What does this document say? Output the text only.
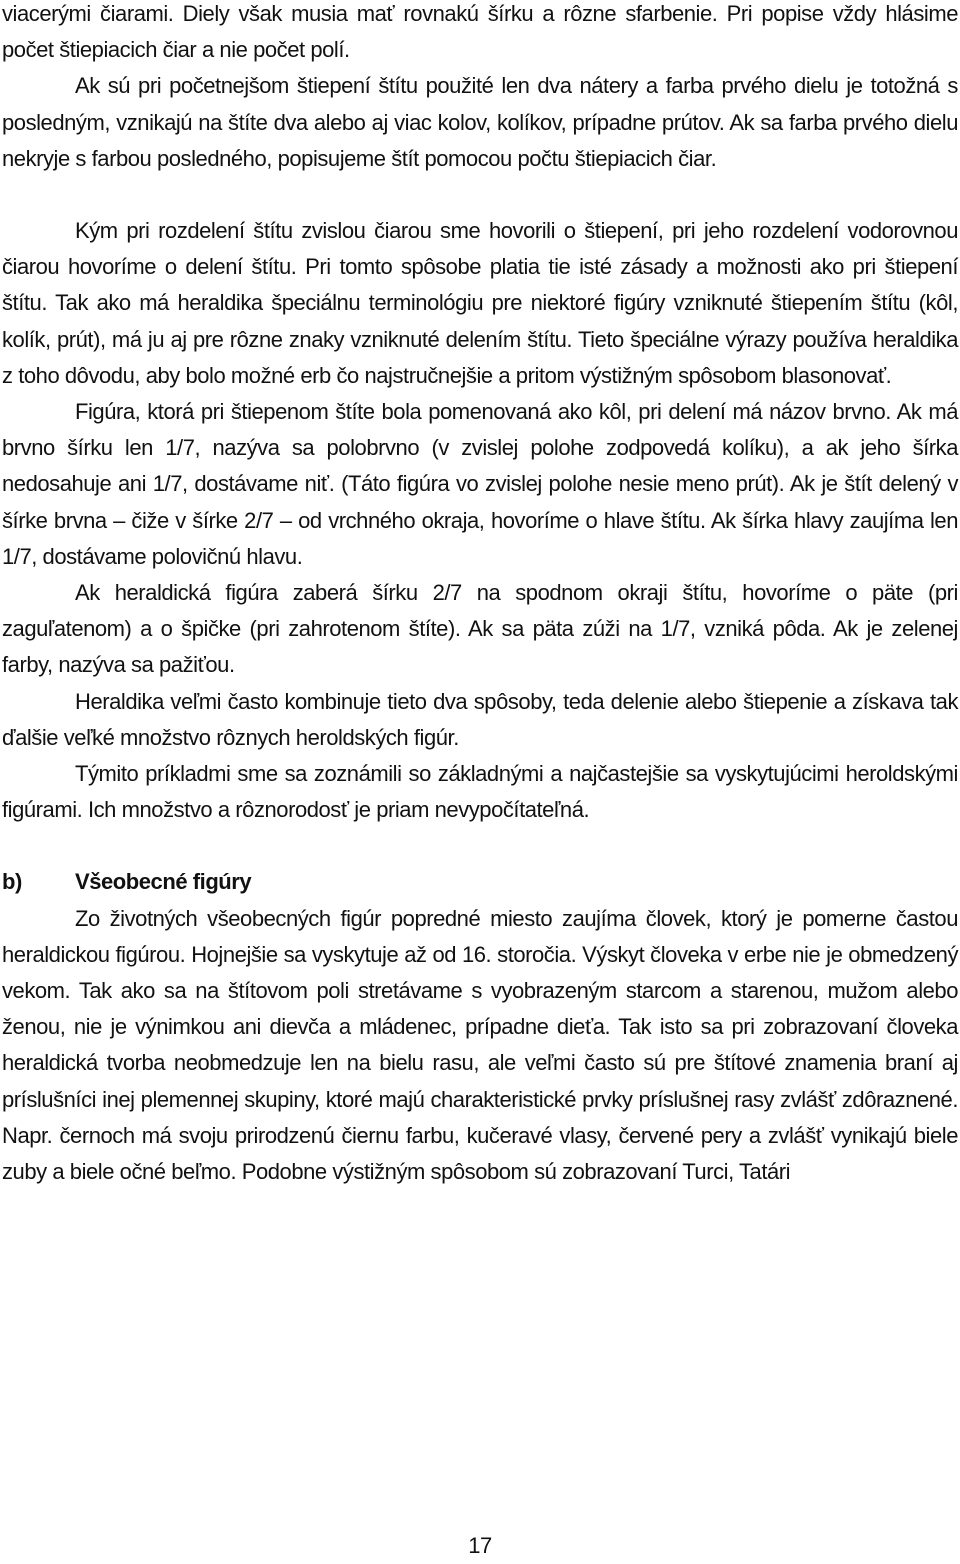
viacerými čiarami. Diely však musia mať rovnakú šírku a rôzne sfarbenie. Pri popise vždy hlásime počet štiepiacich čiar a nie počet polí.

Ak sú pri početnejšom štiepení štítu použité len dva nátery a farba prvého dielu je totožná s posledným, vznikajú na štíte dva alebo aj viac kolov, kolíkov, prípadne prútov. Ak sa farba prvého dielu nekryje s farbou posledného, popisujeme štít pomocou počtu štiepiacich čiar.

Kým pri rozdelení štítu zvislou čiarou sme hovorili o štiepení, pri jeho rozdelení vodorovnou čiarou hovoríme o delení štítu. Pri tomto spôsobe platia tie isté zásady a možnosti ako pri štiepení štítu. Tak ako má heraldika špeciálnu terminológiu pre niektoré figúry vzniknuté štiepením štítu (kôl, kolík, prút), má ju aj pre rôzne znaky vzniknuté delením štítu. Tieto špeciálne výrazy používa heraldika z toho dôvodu, aby bolo možné erb čo najstručnejšie a pritom výstižným spôsobom blasonovať.

Figúra, ktorá pri štiepenom štíte bola pomenovaná ako kôl, pri delení má názov brvno. Ak má brvno šírku len 1/7, nazýva sa polobrvno (v zvislej polohe zodpovedá kolíku), a ak jeho šírka nedosahuje ani 1/7, dostávame niť. (Táto figúra vo zvislej polohe nesie meno prút). Ak je štít delený v šírke brvna – čiže v šírke 2/7 – od vrchného okraja, hovoríme o hlave štítu. Ak šírka hlavy zaujíma len 1/7, dostávame polovičnú hlavu.

Ak heraldická figúra zaberá šírku 2/7 na spodnom okraji štítu, hovoríme o päte (pri zaguľatenom) a o špičke (pri zahrotenom štíte). Ak sa päta zúži na 1/7, vzniká pôda. Ak je zelenej farby, nazýva sa pažiťou.

Heraldika veľmi často kombinuje tieto dva spôsoby, teda delenie alebo štiepenie a získava tak ďalšie veľké množstvo rôznych heroldských figúr.

Týmito príkladmi sme sa zoznámili so základnými a najčastejšie sa vyskytujúcimi heroldskými figúrami. Ich množstvo a rôznorodosť je priam nevypočítateľná.

b)	Všeobecné figúry

Zo životných všeobecných figúr popredné miesto zaujíma človek, ktorý je pomerne častou heraldickou figúrou. Hojnejšie sa vyskytuje až od 16. storočia. Výskyt človeka v erbe nie je obmedzený vekom. Tak ako sa na štítovom poli stretávame s vyobrazeným starcom a starenou, mužom alebo ženou, nie je výnimkou ani dievča a mládenec, prípadne dieťa. Tak isto sa pri zobrazovaní človeka heraldická tvorba neobmedzuje len na bielu rasu, ale veľmi často sú pre štítové znamenia braní aj príslušníci inej plemennej skupiny, ktoré majú charakteristické prvky príslušnej rasy zvlášť zdôraznené. Napr. černoch má svoju prirodzenú čiernu farbu, kučeravé vlasy, červené pery a zvlášť vynikajú biele zuby a biele očné beľmo. Podobne výstižným spôsobom sú zobrazovaní Turci, Tatári

17
